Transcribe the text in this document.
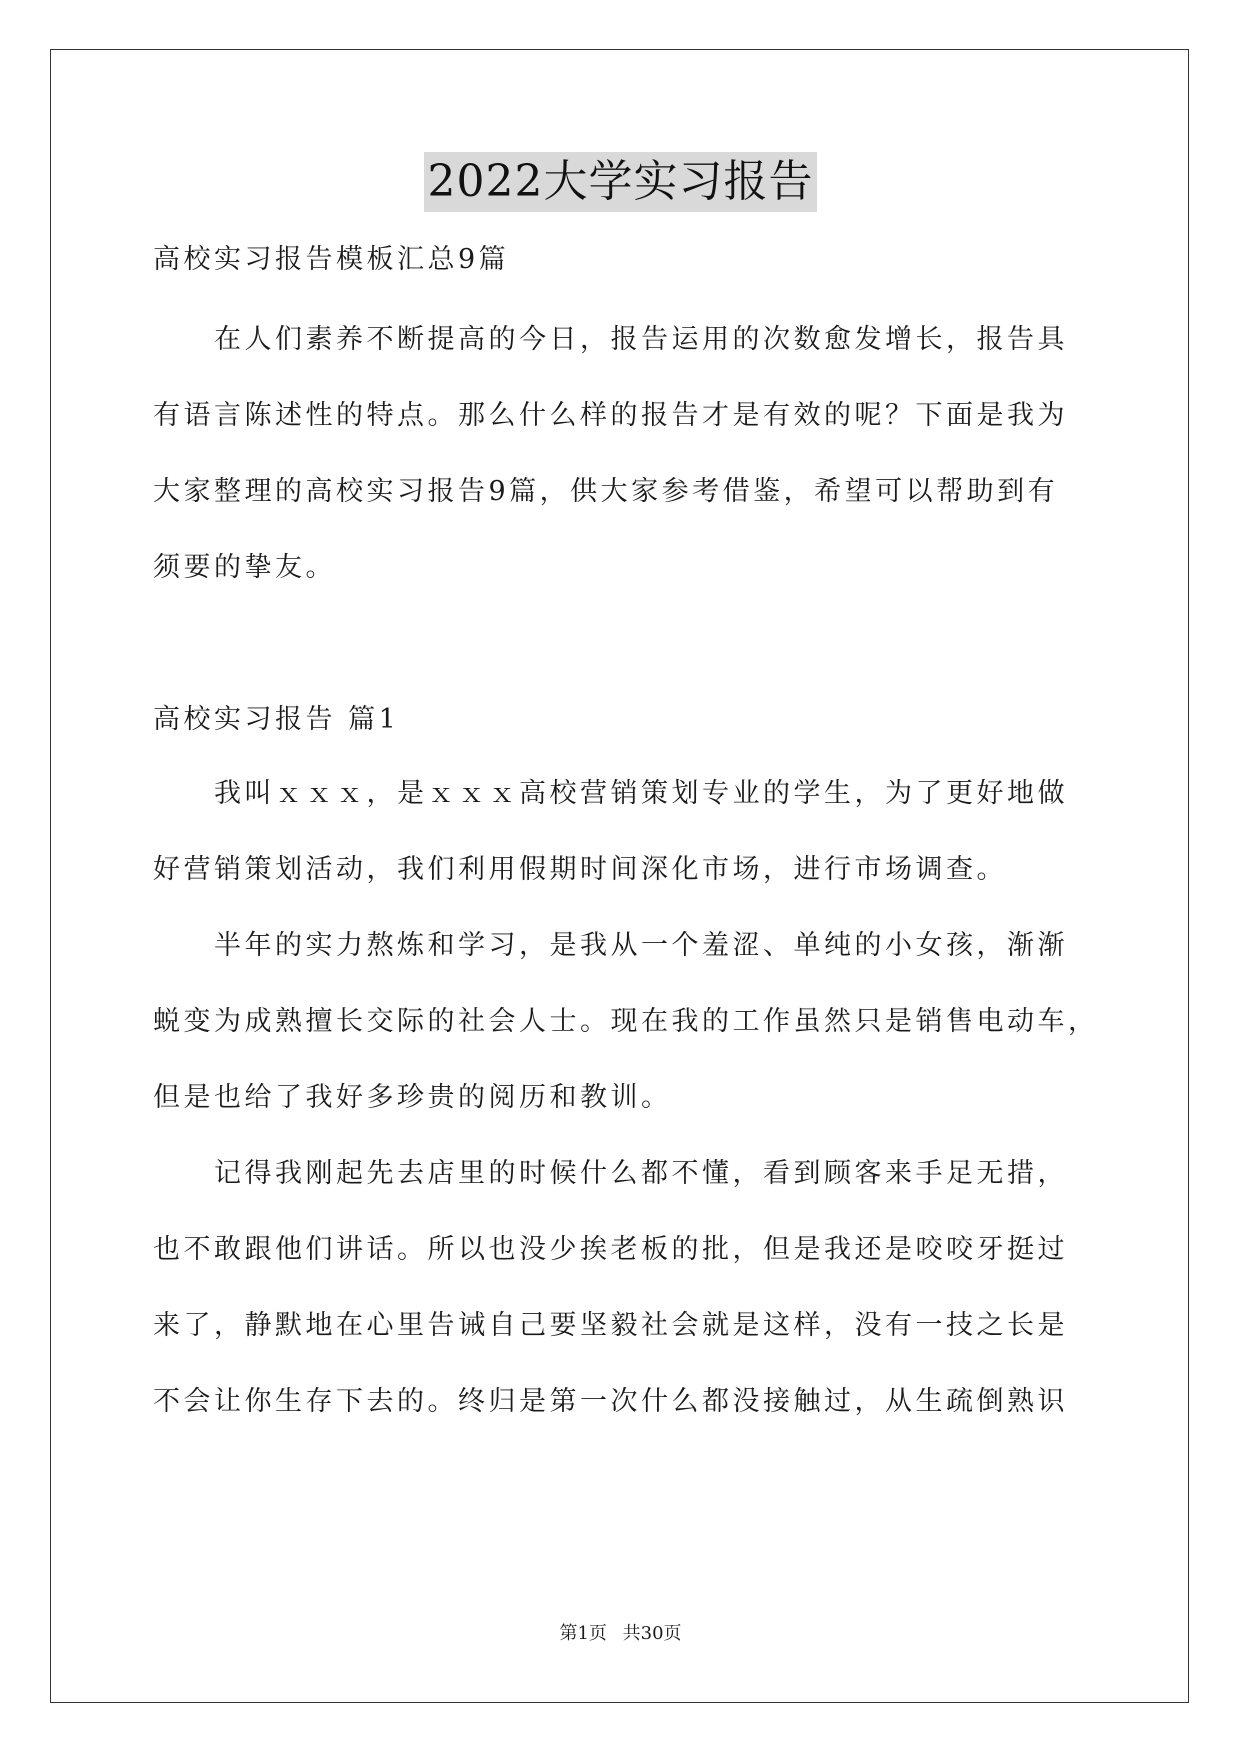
2022大学实习报告
高校实习报告模板汇总9篇
在人们素养不断提高的今日，报告运用的次数愈发增长，报告具
有语言陈述性的特点。那么什么样的报告才是有效的呢？下面是我为
大家整理的高校实习报告9篇，供大家参考借鉴，希望可以帮助到有
须要的挚友。
高校实习报告 篇1
我叫ｘｘｘ，是ｘｘｘ高校营销策划专业的学生，为了更好地做
好营销策划活动，我们利用假期时间深化市场，进行市场调查。
半年的实力熬炼和学习，是我从一个羞涩、单纯的小女孩，渐渐
蜕变为成熟擅长交际的社会人士。现在我的工作虽然只是销售电动车，
但是也给了我好多珍贵的阅历和教训。
记得我刚起先去店里的时候什么都不懂，看到顾客来手足无措，
也不敢跟他们讲话。所以也没少挨老板的批，但是我还是咬咬牙挺过
来了，静默地在心里告诫自己要坚毅社会就是这样，没有一技之长是
不会让你生存下去的。终归是第一次什么都没接触过，从生疏倒熟识
第1页 共30页
